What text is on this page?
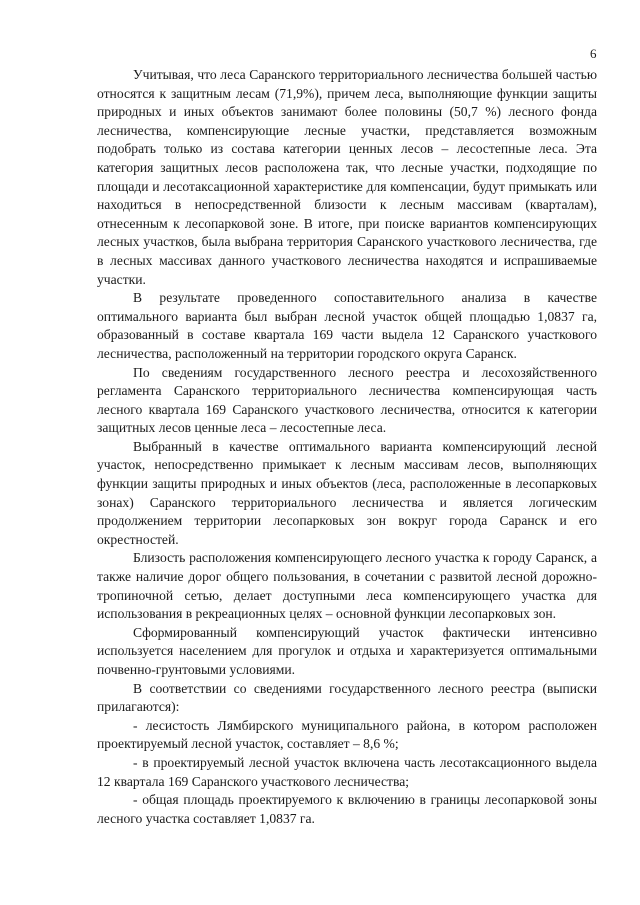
6

Учитывая, что леса Саранского территориального лесничества большей частью относятся к защитным лесам (71,9%), причем леса, выполняющие функции защиты природных и иных объектов занимают более половины (50,7 %) лесного фонда лесничества, компенсирующие лесные участки, представляется возможным подобрать только из состава категории ценных лесов – лесостепные леса. Эта категория защитных лесов расположена так, что лесные участки, подходящие по площади и лесотаксационной характеристике для компенсации, будут примыкать или находиться в непосредственной близости к лесным массивам (кварталам), отнесенным к лесопарковой зоне. В итоге, при поиске вариантов компенсирующих лесных участков, была выбрана территория Саранского участкового лесничества, где в лесных массивах данного участкового лесничества находятся и испрашиваемые участки.

В результате проведенного сопоставительного анализа в качестве оптимального варианта был выбран лесной участок общей площадью 1,0837 га, образованный в составе квартала 169 части выдела 12 Саранского участкового лесничества, расположенный на территории городского округа Саранск.

По сведениям государственного лесного реестра и лесохозяйственного регламента Саранского территориального лесничества компенсирующая часть лесного квартала 169 Саранского участкового лесничества, относится к категории защитных лесов ценные леса – лесостепные леса.

Выбранный в качестве оптимального варианта компенсирующий лесной участок, непосредственно примыкает к лесным массивам лесов, выполняющих функции защиты природных и иных объектов (леса, расположенные в лесопарковых зонах) Саранского территориального лесничества и является логическим продолжением территории лесопарковых зон вокруг города Саранск и его окрестностей.

Близость расположения компенсирующего лесного участка к городу Саранск, а также наличие дорог общего пользования, в сочетании с развитой лесной дорожно-тропиночной сетью, делает доступными леса компенсирующего участка для использования в рекреационных целях – основной функции лесопарковых зон.

Сформированный компенсирующий участок фактически интенсивно используется населением для прогулок и отдыха и характеризуется оптимальными почвенно-грунтовыми условиями.

В соответствии со сведениями государственного лесного реестра (выписки прилагаются):

- лесистость Лямбирского муниципального района, в котором расположен проектируемый лесной участок, составляет – 8,6 %;

- в проектируемый лесной участок включена часть лесотаксационного выдела 12 квартала 169 Саранского участкового лесничества;

- общая площадь проектируемого к включению в границы лесопарковой зоны лесного участка составляет 1,0837 га.
